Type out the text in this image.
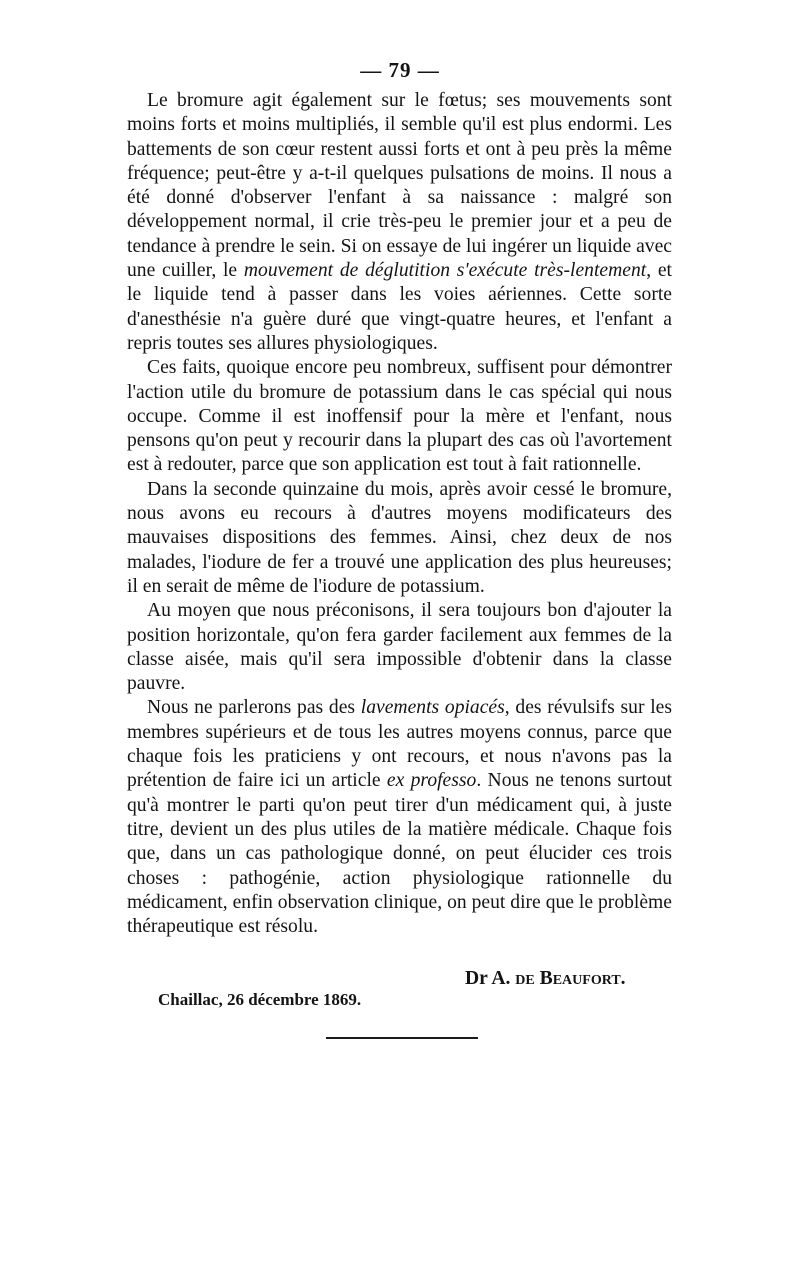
— 79 —

Le bromure agit également sur le fœtus; ses mouvements sont moins forts et moins multipliés, il semble qu'il est plus endormi. Les battements de son cœur restent aussi forts et ont à peu près la même fréquence; peut-être y a-t-il quelques pulsations de moins. Il nous a été donné d'observer l'enfant à sa naissance : malgré son développement normal, il crie très-peu le premier jour et a peu de tendance à prendre le sein. Si on essaye de lui ingérer un liquide avec une cuiller, le mouvement de déglutition s'exécute très-lentement, et le liquide tend à passer dans les voies aériennes. Cette sorte d'anesthésie n'a guère duré que vingt-quatre heures, et l'enfant a repris toutes ses allures physiologiques.

Ces faits, quoique encore peu nombreux, suffisent pour démontrer l'action utile du bromure de potassium dans le cas spécial qui nous occupe. Comme il est inoffensif pour la mère et l'enfant, nous pensons qu'on peut y recourir dans la plupart des cas où l'avortement est à redouter, parce que son application est tout à fait rationnelle.

Dans la seconde quinzaine du mois, après avoir cessé le bromure, nous avons eu recours à d'autres moyens modificateurs des mauvaises dispositions des femmes. Ainsi, chez deux de nos malades, l'iodure de fer a trouvé une application des plus heureuses; il en serait de même de l'iodure de potassium.

Au moyen que nous préconisons, il sera toujours bon d'ajouter la position horizontale, qu'on fera garder facilement aux femmes de la classe aisée, mais qu'il sera impossible d'obtenir dans la classe pauvre.

Nous ne parlerons pas des lavements opiacés, des révulsifs sur les membres supérieurs et de tous les autres moyens connus, parce que chaque fois les praticiens y ont recours, et nous n'avons pas la prétention de faire ici un article ex professo. Nous ne tenons surtout qu'à montrer le parti qu'on peut tirer d'un médicament qui, à juste titre, devient un des plus utiles de la matière médicale. Chaque fois que, dans un cas pathologique donné, on peut élucider ces trois choses : pathogénie, action physiologique rationnelle du médicament, enfin observation clinique, on peut dire que le problème thérapeutique est résolu.

Dr A. de Beaufort.
Chaillac, 26 décembre 1869.
